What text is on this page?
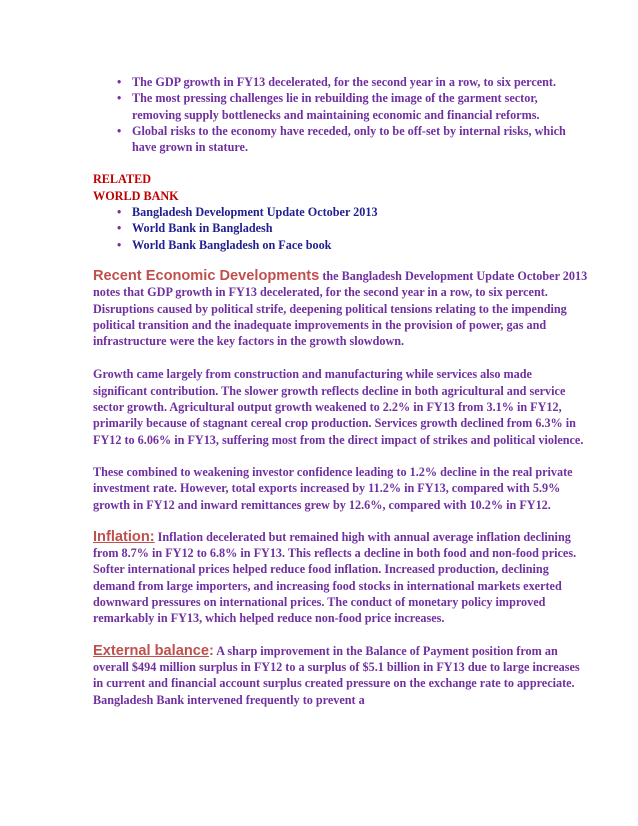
• The GDP growth in FY13 decelerated, for the second year in a row, to six percent.
• The most pressing challenges lie in rebuilding the image of the garment sector, removing supply bottlenecks and maintaining economic and financial reforms.
• Global risks to the economy have receded, only to be off-set by internal risks, which have grown in stature.
RELATED
WORLD BANK
• Bangladesh Development Update October 2013
• World Bank in Bangladesh
• World Bank Bangladesh on Face book

Recent Economic Developments the Bangladesh Development Update October 2013 notes that GDP growth in FY13 decelerated, for the second year in a row, to six percent. Disruptions caused by political strife, deepening political tensions relating to the impending political transition and the inadequate improvements in the provision of power, gas and infrastructure were the key factors in the growth slowdown.

Growth came largely from construction and manufacturing while services also made significant contribution. The slower growth reflects decline in both agricultural and service sector growth. Agricultural output growth weakened to 2.2% in FY13 from 3.1% in FY12, primarily because of stagnant cereal crop production. Services growth declined from 6.3% in FY12 to 6.06% in FY13, suffering most from the direct impact of strikes and political violence.

These combined to weakening investor confidence leading to 1.2% decline in the real private investment rate. However, total exports increased by 11.2% in FY13, compared with 5.9% growth in FY12 and inward remittances grew by 12.6%, compared with 10.2% in FY12.

Inflation: Inflation decelerated but remained high with annual average inflation declining from 8.7% in FY12 to 6.8% in FY13. This reflects a decline in both food and non-food prices. Softer international prices helped reduce food inflation. Increased production, declining demand from large importers, and increasing food stocks in international markets exerted downward pressures on international prices. The conduct of monetary policy improved remarkably in FY13, which helped reduce non-food price increases.

External balance: A sharp improvement in the Balance of Payment position from an overall $494 million surplus in FY12 to a surplus of $5.1 billion in FY13 due to large increases in current and financial account surplus created pressure on the exchange rate to appreciate. Bangladesh Bank intervened frequently to prevent a
